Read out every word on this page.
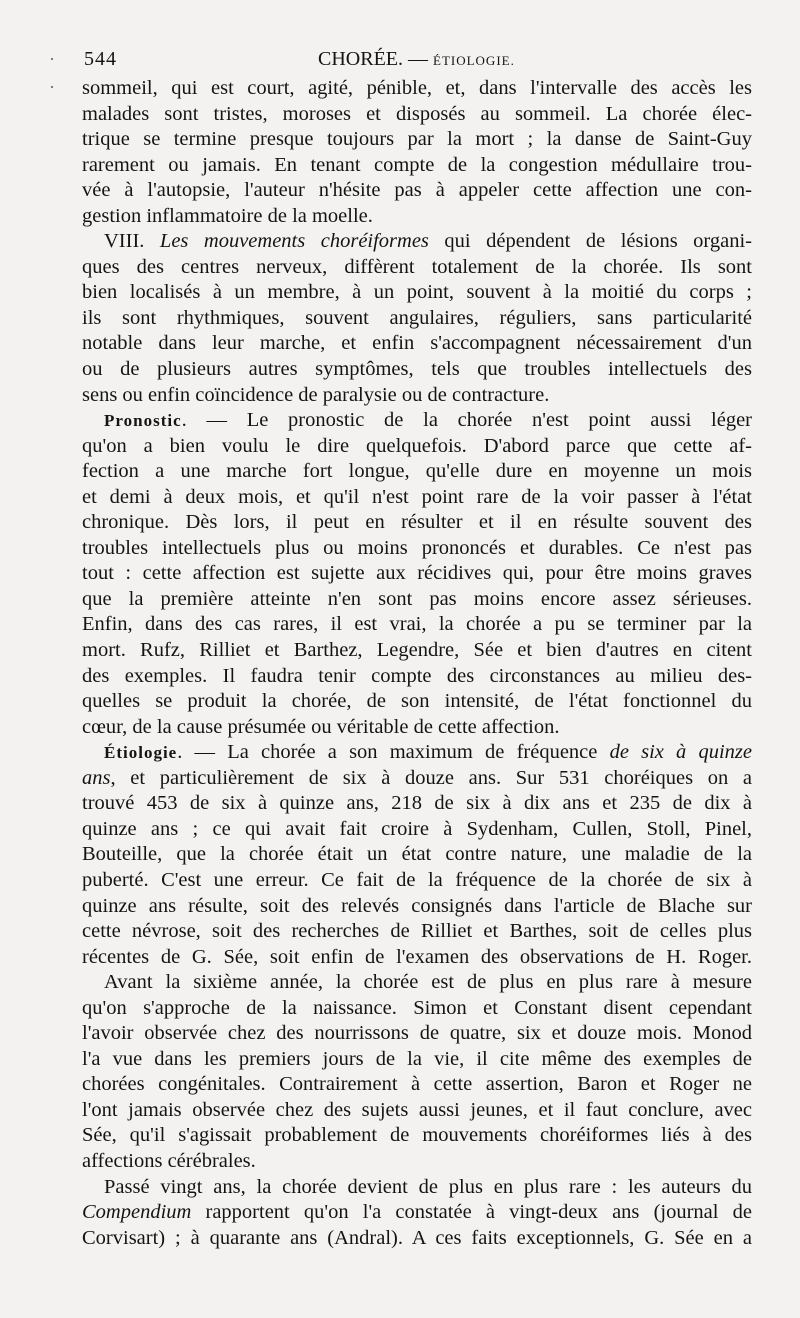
544	CHORÉE. — ÉTIOLOGIE.
sommeil, qui est court, agité, pénible, et, dans l'intervalle des accès les
malades sont tristes, moroses et disposés au sommeil. La chorée élec-
trique se termine presque toujours par la mort ; la danse de Saint-Guy
rarement ou jamais. En tenant compte de la congestion médullaire trou-
vée à l'autopsie, l'auteur n'hésite pas à appeler cette affection une con-
gestion inflammatoire de la moelle.
VIII. Les mouvements choréiformes qui dépendent de lésions organi-
ques des centres nerveux, diffèrent totalement de la chorée. Ils sont
bien localisés à un membre, à un point, souvent à la moitié du corps ;
ils sont rhythmiques, souvent angulaires, réguliers, sans particularité
notable dans leur marche, et enfin s'accompagnent nécessairement d'un
ou de plusieurs autres symptômes, tels que troubles intellectuels des
sens ou enfin coïncidence de paralysie ou de contracture.
Pronostic. — Le pronostic de la chorée n'est point aussi léger
qu'on a bien voulu le dire quelquefois. D'abord parce que cette af-
fection a une marche fort longue, qu'elle dure en moyenne un mois
et demi à deux mois, et qu'il n'est point rare de la voir passer à l'état
chronique. Dès lors, il peut en résulter et il en résulte souvent des
troubles intellectuels plus ou moins prononcés et durables. Ce n'est pas
tout : cette affection est sujette aux récidives qui, pour être moins graves
que la première atteinte n'en sont pas moins encore assez sérieuses.
Enfin, dans des cas rares, il est vrai, la chorée a pu se terminer par la
mort. Rufz, Rilliet et Barthez, Legendre, Sée et bien d'autres en citent
des exemples. Il faudra tenir compte des circonstances au milieu des-
quelles se produit la chorée, de son intensité, de l'état fonctionnel du
cœur, de la cause présumée ou véritable de cette affection.
Étiologie. — La chorée a son maximum de fréquence de six à quinze
ans, et particulièrement de six à douze ans. Sur 531 choréiques on a
trouvé 453 de six à quinze ans, 218 de six à dix ans et 235 de dix à
quinze ans ; ce qui avait fait croire à Sydenham, Cullen, Stoll, Pinel,
Bouteille, que la chorée était un état contre nature, une maladie de la
puberté. C'est une erreur. Ce fait de la fréquence de la chorée de six à
quinze ans résulte, soit des relevés consignés dans l'article de Blache sur
cette névrose, soit des recherches de Rilliet et Barthes, soit de celles plus
récentes de G. Sée, soit enfin de l'examen des observations de H. Roger.
Avant la sixième année, la chorée est de plus en plus rare à mesure
qu'on s'approche de la naissance. Simon et Constant disent cependant
l'avoir observée chez des nourrissons de quatre, six et douze mois. Monod
l'a vue dans les premiers jours de la vie, il cite même des exemples de
chorées congénitales. Contrairement à cette assertion, Baron et Roger ne
l'ont jamais observée chez des sujets aussi jeunes, et il faut conclure, avec
Sée, qu'il s'agissait probablement de mouvements choréiformes liés à des
affections cérébrales.
Passé vingt ans, la chorée devient de plus en plus rare : les auteurs du
Compendium rapportent qu'on l'a constatée à vingt-deux ans (journal de
Corvisart) ; à quarante ans (Andral). A ces faits exceptionnels, G. Sée en a
